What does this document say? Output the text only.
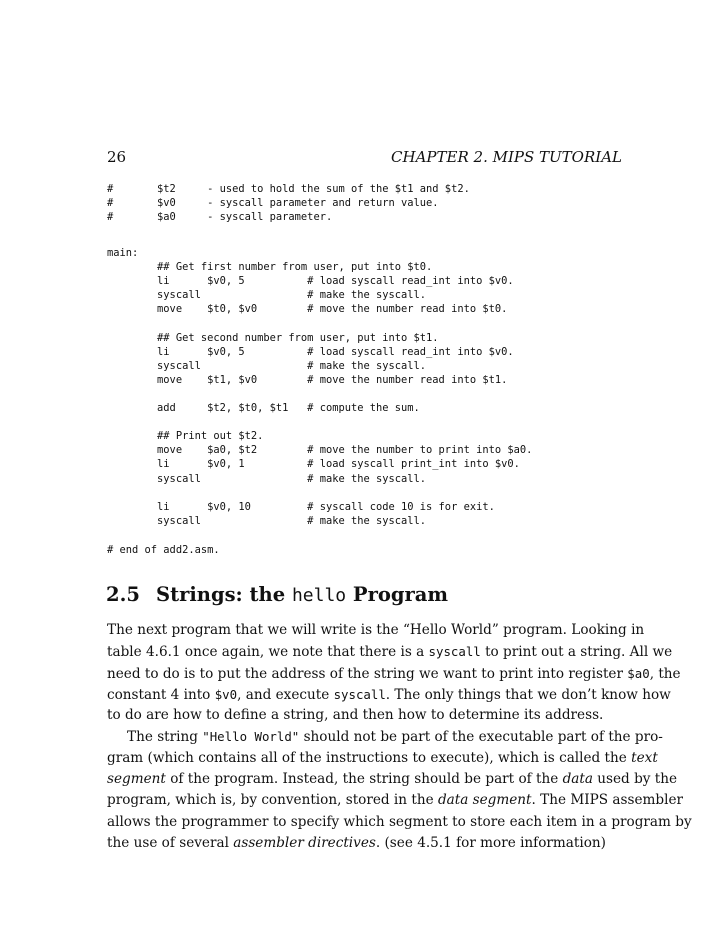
26	CHAPTER 2. MIPS TUTORIAL
#       $t2     - used to hold the sum of the $t1 and $t2.
#       $v0     - syscall parameter and return value.
#       $a0     - syscall parameter.
main:
## Get first number from user, put into $t0.
li      $v0, 5          # load syscall read_int into $v0.
syscall                 # make the syscall.
move    $t0, $v0        # move the number read into $t0.
## Get second number from user, put into $t1.
li      $v0, 5          # load syscall read_int into $v0.
syscall                 # make the syscall.
move    $t1, $v0        # move the number read into $t1.
add     $t2, $t0, $t1   # compute the sum.
## Print out $t2.
move    $a0, $t2        # move the number to print into $a0.
li      $v0, 1          # load syscall print_int into $v0.
syscall                 # make the syscall.
li      $v0, 10         # syscall code 10 is for exit.
syscall                 # make the syscall.
# end of add2.asm.
2.5 Strings: the hello Program
The next program that we will write is the “Hello World” program. Looking in
table 4.6.1 once again, we note that there is a syscall to print out a string. All we
need to do is to put the address of the string we want to print into register $a0, the
constant 4 into $v0, and execute syscall. The only things that we don’t know how
to do are how to define a string, and then how to determine its address.
The string "Hello World" should not be part of the executable part of the pro-
gram (which contains all of the instructions to execute), which is called the text
segment of the program. Instead, the string should be part of the data used by the
program, which is, by convention, stored in the data segment. The MIPS assembler
allows the programmer to specify which segment to store each item in a program by
the use of several assembler directives. (see 4.5.1 for more information)
